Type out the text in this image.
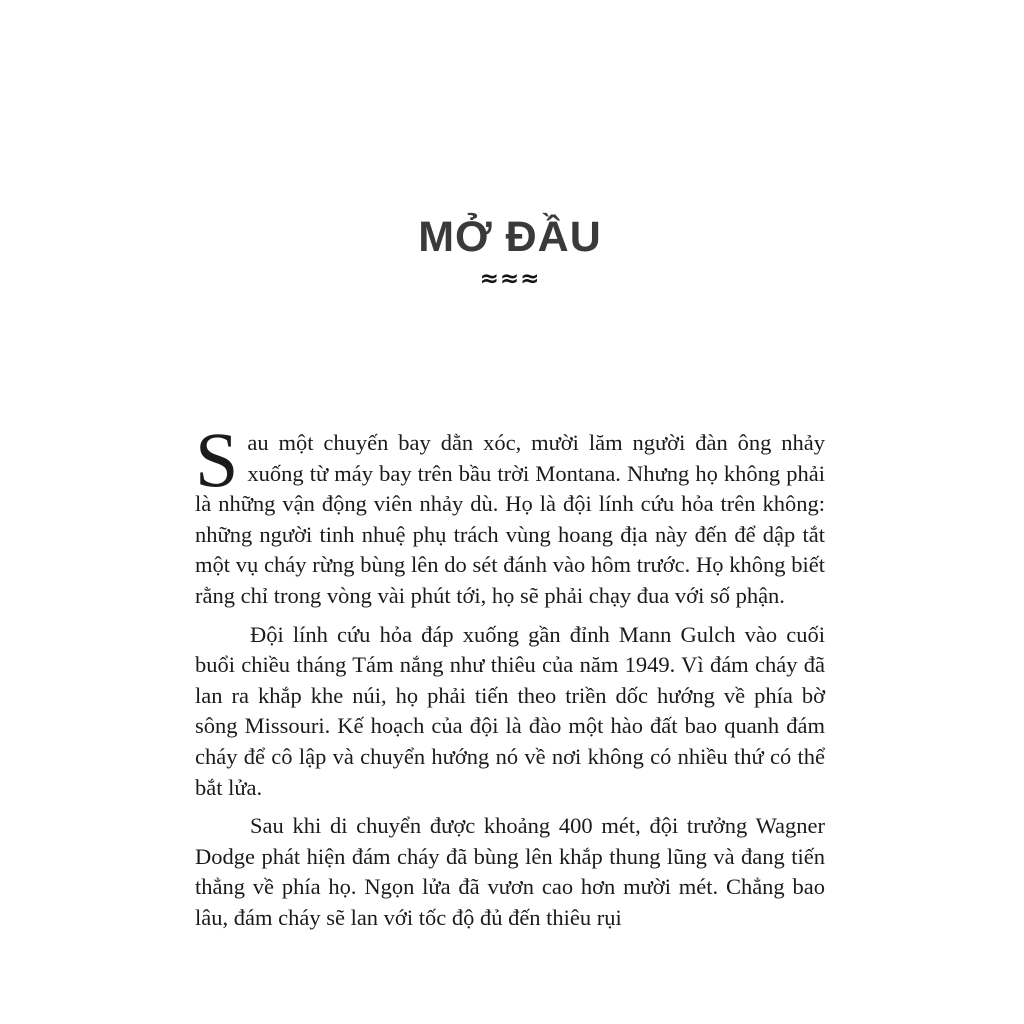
MỞ ĐẦU
≈≈≈

Sau một chuyến bay dằn xóc, mười lăm người đàn ông nhảy xuống từ máy bay trên bầu trời Montana. Nhưng họ không phải là những vận động viên nhảy dù. Họ là đội lính cứu hỏa trên không: những người tinh nhuệ phụ trách vùng hoang địa này đến để dập tắt một vụ cháy rừng bùng lên do sét đánh vào hôm trước. Họ không biết rằng chỉ trong vòng vài phút tới, họ sẽ phải chạy đua với số phận.

Đội lính cứu hỏa đáp xuống gần đỉnh Mann Gulch vào cuối buổi chiều tháng Tám nắng như thiêu của năm 1949. Vì đám cháy đã lan ra khắp khe núi, họ phải tiến theo triền dốc hướng về phía bờ sông Missouri. Kế hoạch của đội là đào một hào đất bao quanh đám cháy để cô lập và chuyển hướng nó về nơi không có nhiều thứ có thể bắt lửa.

Sau khi di chuyển được khoảng 400 mét, đội trưởng Wagner Dodge phát hiện đám cháy đã bùng lên khắp thung lũng và đang tiến thẳng về phía họ. Ngọn lửa đã vươn cao hơn mười mét. Chẳng bao lâu, đám cháy sẽ lan với tốc độ đủ đến thiêu rụi
